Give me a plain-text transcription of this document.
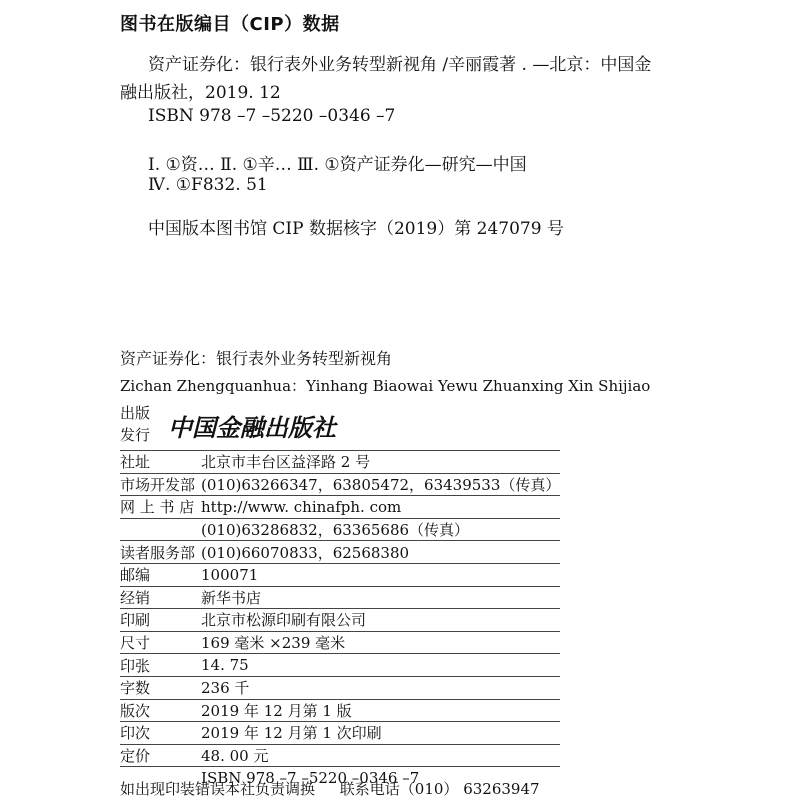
图书在版编目（CIP）数据
资产证券化：银行表外业务转型新视角 /辛丽霞著 . —北京：中国金
融出版社，2019. 12
ISBN 978 –7 –5220 –0346 –7
Ⅰ. ①资… Ⅱ. ①辛… Ⅲ. ①资产证券化—研究—中国
Ⅳ. ①F832. 51
中国版本图书馆 CIP 数据核字（2019）第 247079 号
资产证券化：银行表外业务转型新视角
Zichan Zhengquanhua：Yinhang Biaowai Yewu Zhuanxing Xin Shijiao
出版
发行 中国金融出版社
社址	北京市丰台区益泽路 2 号
市场开发部	(010)63266347，63805472，63439533（传真）
网 上 书 店	http://www. chinafph. com
	(010)63286832，63365686（传真）
读者服务部	(010)66070833，62568380
邮编	100071
经销	新华书店
印刷	北京市松源印刷有限公司
尺寸	169 毫米 ×239 毫米
印张	14. 75
字数	236 千
版次	2019 年 12 月第 1 版
印次	2019 年 12 月第 1 次印刷
定价	48. 00 元
	ISBN 978 –7 –5220 –0346 –7
如出现印装错误本社负责调换 联系电话（010） 63263947
